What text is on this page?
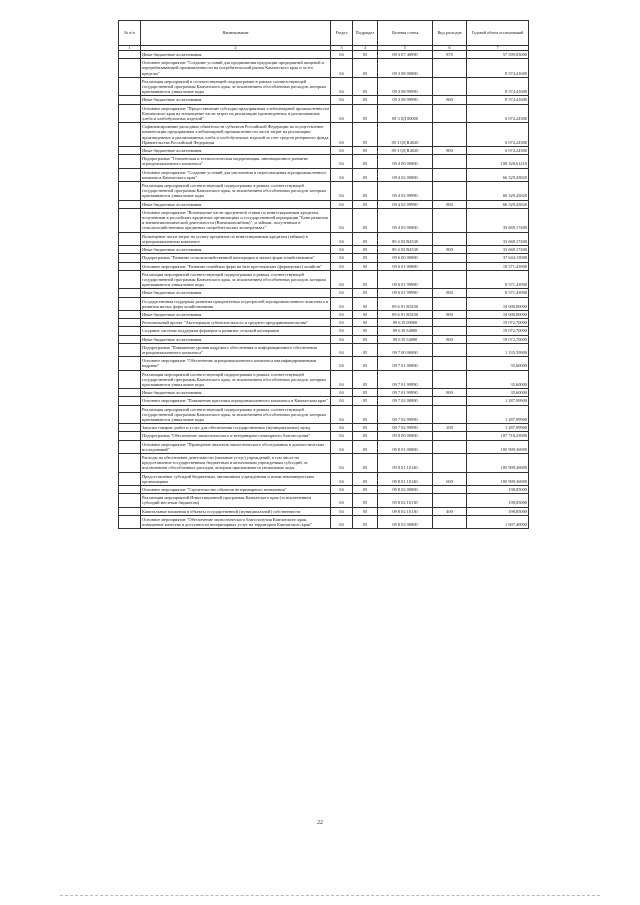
№ п/п	Наименование	Раздел	Подраздел	Целевая статья	Вид расходов	Годовой объем ассигнований
1	2	3	4	5	6	7
	Иные бюджетные ассигнования	04	05	09 3 07 40990	870	57 599,83000
	Основное мероприятие "Создание условий для продвижения продукции предприятий пищевой и перерабатывающей промышленности на потребительский рынок Камчатского края и за его пределы"	04	05	09 3 08 00000		8 574,41600
	Реализация мероприятий в соответствующей подпрограмме в рамках соответствующей государственной программы Камчатского края, за исключением обособленных расходов, которым присваиваются уникальные коды	04	05	09 3 08 99990		8 574,41600
	Иные бюджетные ассигнования	04	05	09 3 08 99990	800	8 574,41600
	Основное мероприятие "Предоставление субсидии предприятиям хлебопекарной промышленности Камчатского края на возмещение части затрат на реализацию произведенных и реализованных хлеба и хлебобулочных изделий"	04	05	09 3 0Д 00000		6 074,24300
	Софинансирование расходных обязательств субъектов Российской Федерации на осуществление компенсации предприятиям хлебопекарной промышленности части затрат на реализацию произведенных и реализованных хлеба и хлебобулочных изделий за счет средств резервного фонда Правительства Российской Федерации	04	05	09 3 0Д R4020		6 074,24300
	Иные бюджетные ассигнования	04	05	09 3 0Д R4020	800	6 074,24300
	Подпрограмма "Техническая и технологическая модернизация, инновационное развитие агропромышленного комплекса"	04	05	09 4 00 00000		108 328,61210
	Основное мероприятие "Создание условий для увеличения и переоснащения агропромышленного комплекса Камчатского края"	04	05	09 4 02 00000		66 329,43820
	Реализация мероприятий соответствующей подпрограммы в рамках соответствующей государственной программы Камчатского края, за исключением обособленных расходов, которым присваиваются уникальные коды	04	05	09 4 02 99990		66 329,43820
	Иные бюджетные ассигнования	04	05	09 4 02 99990	800	66 329,43820
	Основное мероприятие "Возмещение части процентной ставки по инвестиционным кредитам, полученным в российских кредитных организациях и государственной корпорации "Банк развития и внешнеэкономической деятельности (Внешэкономбанк)", и займам, полученным в сельскохозяйственных кредитных потребительских кооперативах"	04	05	09 4 03 00000		33 669,17400
	Возмещение части затрат на уплату процентов по инвестиционным кредитам (займам) в агропромышленном комплексе	04	05	09 4 03 R4330		33 669,17400
	Иные бюджетные ассигнования	04	05	09 4 03 R4330	800	33 669,17400
	Подпрограмма "Развитие сельскохозяйственной кооперации и малых форм хозяйствования"	04	05	09 6 00 00000		37 644,13900
	Основное мероприятие "Развитие семейных ферм на базе крестьянских (фермерских) хозяйств"	04	05	09 6 01 00000		18 571,43900
	Реализация мероприятий соответствующей подпрограммы в рамках соответствующей государственной программы Камчатского края, за исключением обособленных расходов, которым присваиваются уникальные коды	04	05	09 6 01 99990		8 571,43900
	Иные бюджетные ассигнования	04	05	09 6 01 99990	800	8 571,43900
	Государственная поддержка развития приоритетных подотраслей агропромышленного комплекса и развития малых форм хозяйствования	04	05	09 6 01 R5430		10 000,00000
	Иные бюджетные ассигнования	04	05	09 6 01 R5430	800	10 000,00000
	Региональный проект "Акселерация субъектов малого и среднего предпринимательства"	04	05	09 6 I5 00000		19 072,70000
	Создание системы поддержки фермеров и развитие сельской кооперации	04	05	09 6 I5 54800		19 072,70000
	Иные бюджетные ассигнования	04	05	09 6 I5 54800	800	19 072,70000
	Подпрограмма "Повышение уровня кадрового обеспечения и информационного обеспечения агропромышленного комплекса"	04	05	09 7 00 00000		1 335,59900
	Основное мероприятие "Обеспечение агропромышленного комплекса квалифицированными кадрами"	04	05	09 7 01 00000		35,60000
	Реализация мероприятий соответствующей подпрограммы в рамках соответствующей государственной программы Камчатского края, за исключением обособленных расходов, которым присваиваются уникальные коды	04	05	09 7 01 99990		35,60000
	Иные бюджетные ассигнования	04	05	09 7 01 99990	800	35,60000
	Основное мероприятие "Повышение престижа агропромышленного комплекса в Камчатском крае"	04	05	09 7 02 00000		1 287,99900
	Реализация мероприятий соответствующей подпрограммы в рамках соответствующей государственной программы Камчатского края, за исключением обособленных расходов, которым присваиваются уникальные коды	04	05	09 7 02 99990		1 287,99900
	Закупка товаров, работ и услуг для обеспечения государственных (муниципальных) нужд	04	05	09 7 02 99990	200	1 287,99900
	Подпрограмма "Обеспечение эпизоотического и ветеринарно-санитарного благополучия"	04	05	09 8 00 00000		187 716,23900
	Основное мероприятие "Проведение анализов эпизоотического обследования и диагностических исследований"	04	05	09 8 01 00000		185 909,36900
	Расходы на обеспечение деятельности (оказание услуг) учреждений, в том числе на предоставление государственным бюджетным и автономным учреждениям субсидий, за исключением обособленных расходов, которым присваиваются уникальные коды	04	05	09 8 01 10140		185 909,36900
	Предоставление субсидий бюджетным, автономным учреждениям и иным некоммерческим организациям	04	05	09 8 01 10140	600	185 909,36900
	Основное мероприятие "Строительство объектов ветеринарного назначения"	04	05	09 8 02 00000		198,85000
	Реализация мероприятий Инвестиционной программы Камчатского края (за исключением субсидий местным бюджетам)	04	05	09 8 02 10130		198,85000
	Капитальные вложения в объекты государственной (муниципальной) собственности	04	05	09 8 02 10130	400	198,85000
	Основное мероприятие "Обеспечение эпизоотического благополучия Камчатского края, повышение качества и доступности ветеринарных услуг на территории Камчатского края"	04	05	09 8 03 00000		1 607,40000
22
